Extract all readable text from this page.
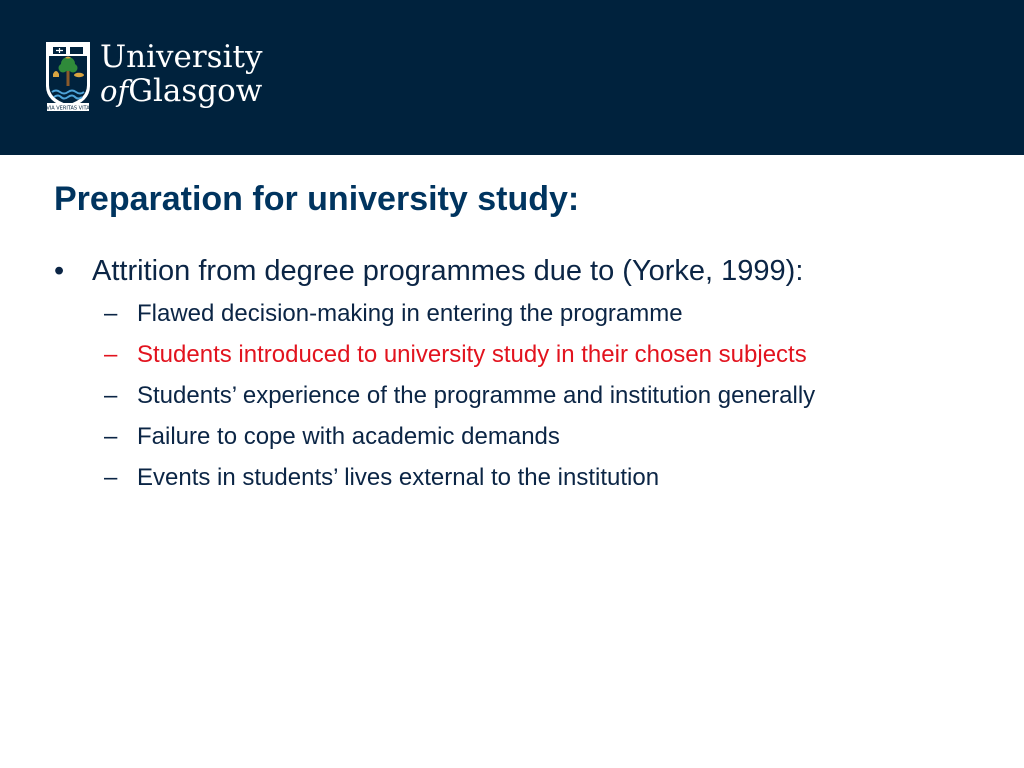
VIA VERITAS VITA
University
ofGlasgow
Preparation for university study:
• Attrition from degree programmes due to (Yorke, 1999):
– Flawed decision-making in entering the programme
– Students introduced to university study in their chosen subjects
– Students’ experience of the programme and institution generally
– Failure to cope with academic demands
– Events in students’ lives external to the institution
